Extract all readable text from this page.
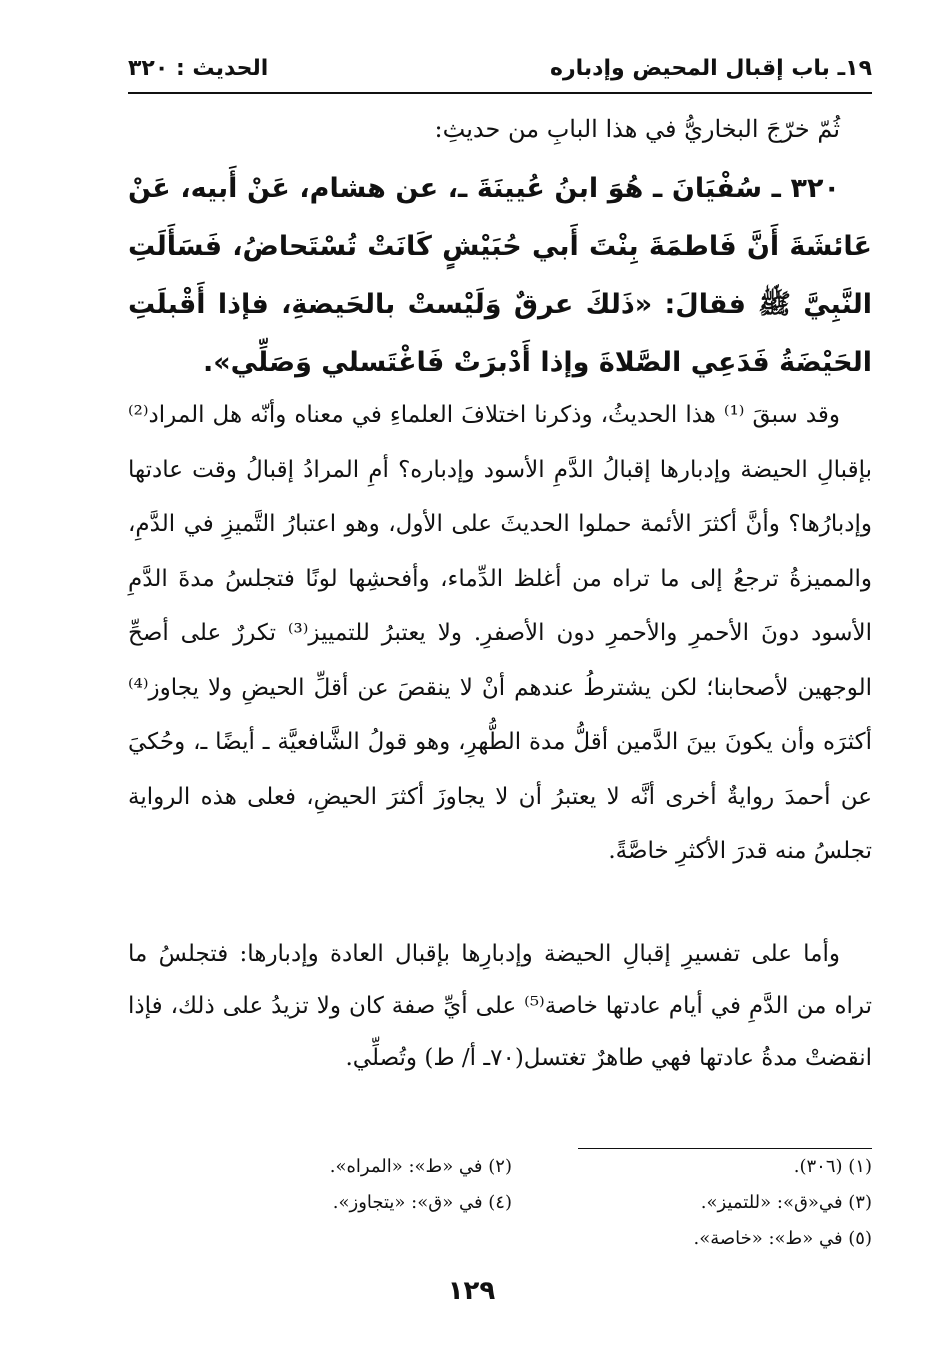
١٩ـ باب إقبال المحيض وإدباره
الحديث : ٣٢٠

ثُمّ خرّجَ البخاريُّ في هذا البابِ من حديثِ:

٣٢٠ ـ سُفْيَانَ ـ هُوَ ابنُ عُيينَةَ ـ، عن هشام، عَنْ أَبيه، عَنْ عَائشَةَ أَنَّ فَاطمَةَ بِنْتَ أَبي حُبَيْشٍ كَانَتْ تُسْتَحاضُ، فَسَأَلَتِ النَّبِيَّ ﷺ فقالَ: «ذَلكَ عرقٌ وَلَيْستْ بالحَيضةِ، فإذا أَقْبلَتِ الحَيْضَةُ فَدَعِي الصَّلاةَ وإذا أَدْبرَتْ فَاغْتَسلي وَصَلِّي».

وقد سبقَ ⁽¹⁾ هذا الحديثُ، وذكرنا اختلافَ العلماءِ في معناه وأنّه هل المراد⁽²⁾ بإقبالِ الحيضة وإدبارها إقبالُ الدَّمِ الأسود وإدباره؟ أمِ المرادُ إقبالُ وقت عادتها وإدبارُها؟ وأنَّ أكثرَ الأئمة حملوا الحديثَ على الأول، وهو اعتبارُ التَّميزِ في الدَّمِ، والمميزةُ ترجعُ إلى ما تراه من أغلظ الدِّماء، وأفحشِها لونًا فتجلسُ مدةَ الدَّمِ الأسود دونَ الأحمرِ والأحمرِ دون الأصفرِ. ولا يعتبرُ للتمييز⁽³⁾ تكررٌ على أصحِّ الوجهين لأصحابنا؛ لكن يشترطُ عندهم أنْ لا ينقصَ عن أقلِّ الحيضِ ولا يجاوز⁽⁴⁾ أكثرَه وأن يكونَ بينَ الدَّمين أقلُّ مدة الطُّهرِ، وهو قولُ الشَّافعيَّة ـ أيضًا ـ، وحُكيَ عن أحمدَ روايةٌ أخرى أنَّه لا يعتبرُ أن لا يجاوزَ أكثرَ الحيضِ، فعلى هذه الرواية تجلسُ منه قدرَ الأكثرِ خاصَّةً.

وأما على تفسيرِ إقبالِ الحيضة وإدبارِها بإقبال العادة وإدبارها: فتجلسُ ما تراه من الدَّمِ في أيام عادتها خاصة⁽⁵⁾ على أيِّ صفة كان ولا تزيدُ على ذلك، فإذا انقضتْ مدةُ عادتها فهي طاهرٌ تغتسل(٧٠ـ أ/ ط) وتُصلِّي.

(١) (٣٠٦).
(٢) في «ط»: «المراه».
(٣) في«ق»: «للتميز».
(٤) في «ق»: «يتجاوز».
(٥) في «ط»: «خاصة».
١٢٩
